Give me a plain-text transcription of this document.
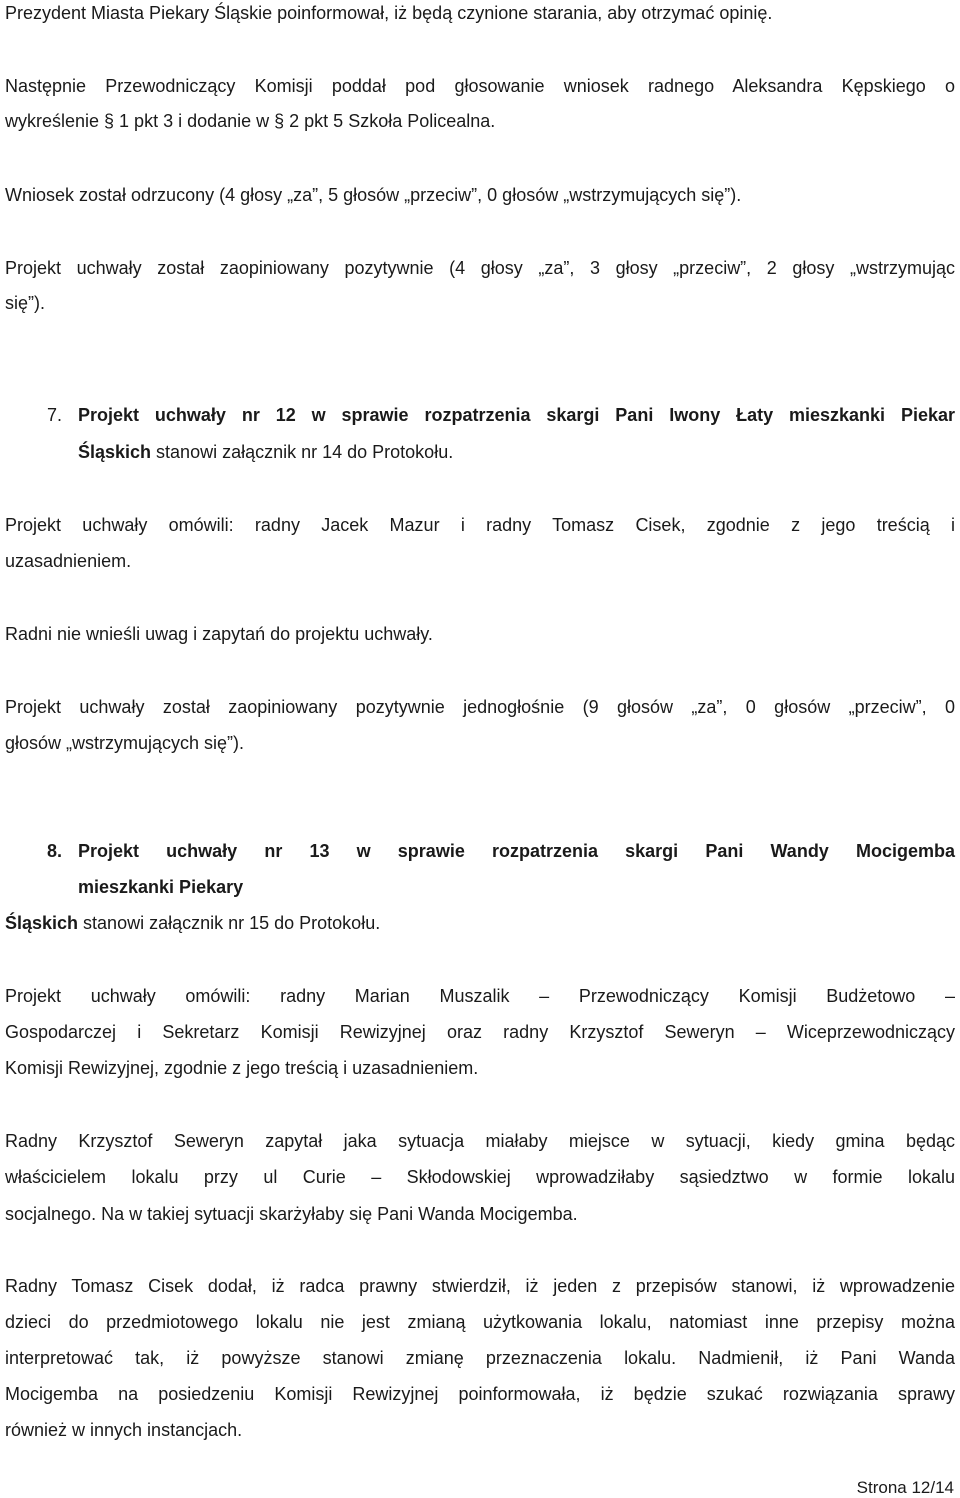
Prezydent Miasta Piekary Śląskie poinformował, iż będą czynione starania, aby otrzymać opinię.
Następnie Przewodniczący Komisji poddał pod głosowanie wniosek radnego Aleksandra Kępskiego o
wykreślenie § 1 pkt 3 i dodanie w § 2 pkt 5 Szkoła Policealna.
Wniosek został odrzucony (4 głosy „za”, 5 głosów „przeciw”, 0 głosów „wstrzymujących się”).
Projekt uchwały został zaopiniowany pozytywnie (4 głosy „za”, 3 głosy „przeciw”, 2 głosy „wstrzymując
się”).
7. Projekt uchwały nr 12 w sprawie rozpatrzenia skargi Pani Iwony Łaty mieszkanki Piekar
Śląskich stanowi załącznik nr 14 do Protokołu.
Projekt uchwały omówili: radny Jacek Mazur i radny Tomasz Cisek, zgodnie z jego treścią i
uzasadnieniem.
Radni nie wnieśli uwag i zapytań do projektu uchwały.
Projekt uchwały został zaopiniowany pozytywnie jednogłośnie (9 głosów „za”, 0 głosów „przeciw”, 0
głosów „wstrzymujących się”).
8. Projekt uchwały nr 13 w sprawie rozpatrzenia skargi Pani Wandy Mocigemba
mieszkanki Piekary
Śląskich stanowi załącznik nr 15 do Protokołu.
Projekt uchwały omówili: radny Marian Muszalik – Przewodniczący Komisji Budżetowo –
Gospodarczej i Sekretarz Komisji Rewizyjnej oraz radny Krzysztof Seweryn – Wiceprzewodniczący
Komisji Rewizyjnej, zgodnie z jego treścią i uzasadnieniem.
Radny Krzysztof Seweryn zapytał jaka sytuacja miałaby miejsce w sytuacji, kiedy gmina będąc
właścicielem lokalu przy ul Curie – Skłodowskiej wprowadziłaby sąsiedztwo w formie lokalu
socjalnego. Na w takiej sytuacji skarżyłaby się Pani Wanda Mocigemba.
Radny Tomasz Cisek dodał, iż radca prawny stwierdził, iż jeden z przepisów stanowi, iż wprowadzenie
dzieci do przedmiotowego lokalu nie jest zmianą użytkowania lokalu, natomiast inne przepisy można
interpretować tak, iż powyższe stanowi zmianę przeznaczenia lokalu. Nadmienił, iż Pani Wanda
Mocigemba na posiedzeniu Komisji Rewizyjnej poinformowała, iż będzie szukać rozwiązania sprawy
również w innych instancjach.
Strona 12/14
